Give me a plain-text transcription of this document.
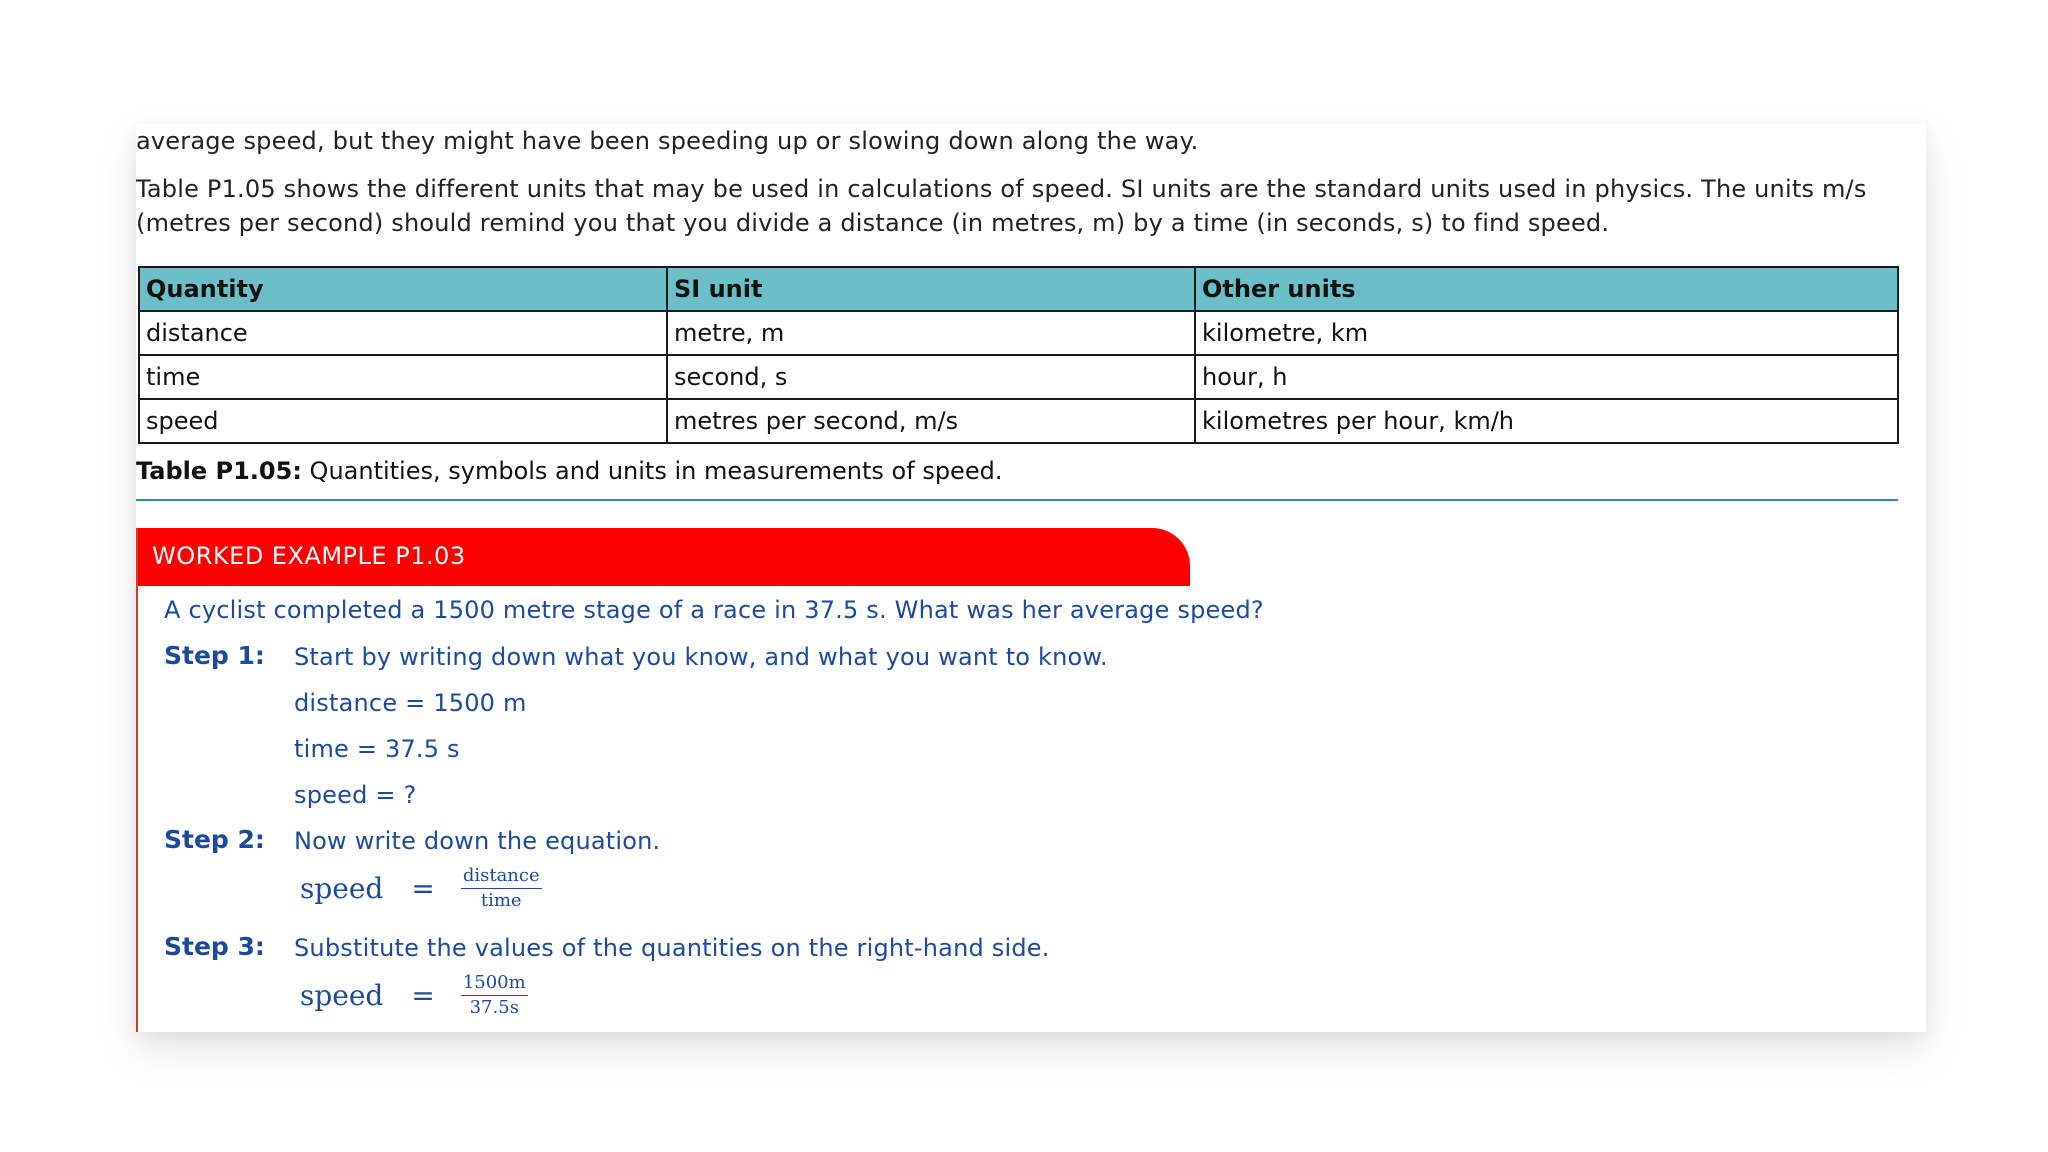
average speed, but they might have been speeding up or slowing down along the way.

Table P1.05 shows the different units that may be used in calculations of speed. SI units are the standard units used in physics. The units m/s (metres per second) should remind you that you divide a distance (in metres, m) by a time (in seconds, s) to find speed.

Quantity	SI unit	Other units
distance	metre, m	kilometre, km
time	second, s	hour, h
speed	metres per second, m/s	kilometres per hour, km/h
Table P1.05: Quantities, symbols and units in measurements of speed.
WORKED EXAMPLE P1.03
A cyclist completed a 1500 metre stage of a race in 37.5 s. What was her average speed?
Step 1: Start by writing down what you know, and what you want to know.
distance = 1500 m
time = 37.5 s
speed = ?
Step 2: Now write down the equation.
speed = $\frac{\text{distance}}{\text{time}}$
Step 3: Substitute the values of the quantities on the right-hand side.
speed = $\frac{1500m}{37.5s}$
